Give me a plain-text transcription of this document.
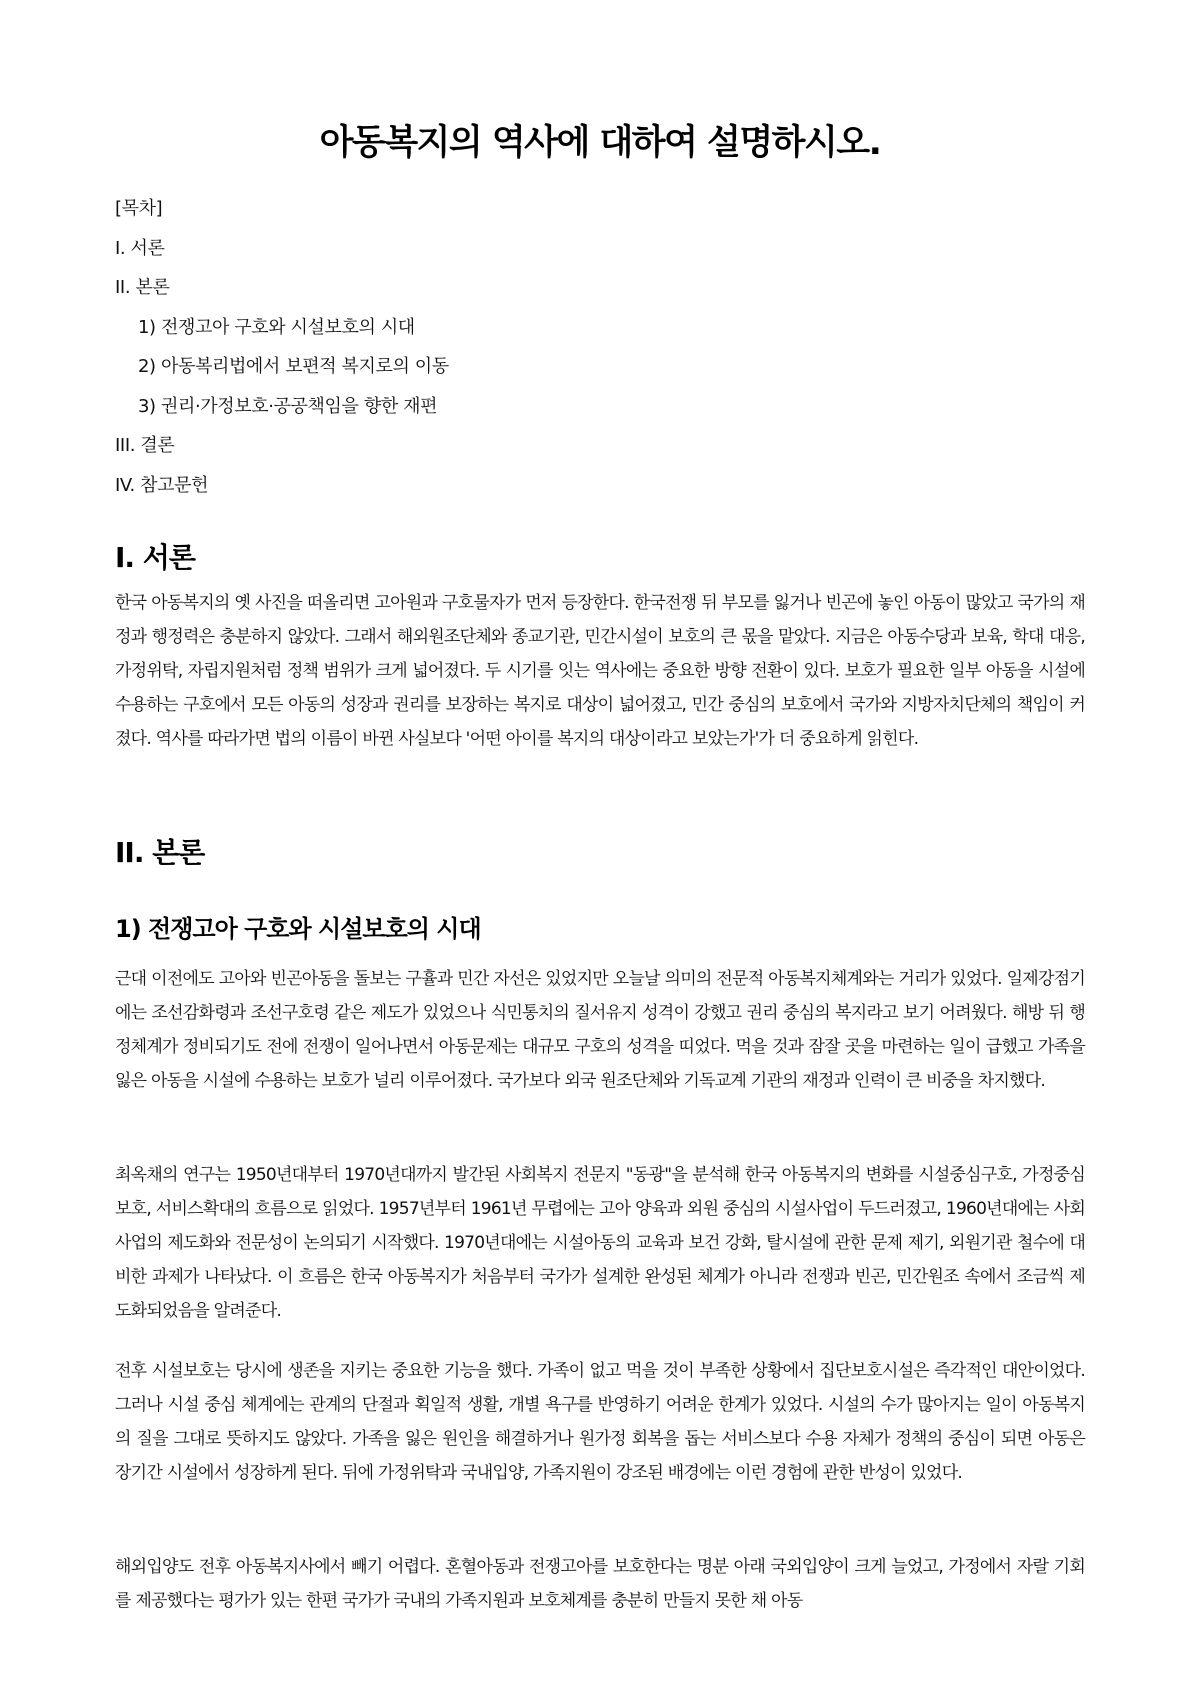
아동복지의 역사에 대하여 설명하시오.
[목차]
I. 서론
II. 본론
1) 전쟁고아 구호와 시설보호의 시대
2) 아동복리법에서 보편적 복지로의 이동
3) 권리·가정보호·공공책임을 향한 재편
III. 결론
IV. 참고문헌
I. 서론

한국 아동복지의 옛 사진을 떠올리면 고아원과 구호물자가 먼저 등장한다. 한국전쟁 뒤 부모를 잃거나 빈곤에 놓인 아동이 많았고 국가의 재정과 행정력은 충분하지 않았다. 그래서 해외원조단체와 종교기관, 민간시설이 보호의 큰 몫을 맡았다. 지금은 아동수당과 보육, 학대 대응, 가정위탁, 자립지원처럼 정책 범위가 크게 넓어졌다. 두 시기를 잇는 역사에는 중요한 방향 전환이 있다. 보호가 필요한 일부 아동을 시설에 수용하는 구호에서 모든 아동의 성장과 권리를 보장하는 복지로 대상이 넓어졌고, 민간 중심의 보호에서 국가와 지방자치단체의 책임이 커졌다. 역사를 따라가면 법의 이름이 바뀐 사실보다 '어떤 아이를 복지의 대상이라고 보았는가'가 더 중요하게 읽힌다.

II. 본론
1) 전쟁고아 구호와 시설보호의 시대

근대 이전에도 고아와 빈곤아동을 돌보는 구휼과 민간 자선은 있었지만 오늘날 의미의 전문적 아동복지체계와는 거리가 있었다. 일제강점기에는 조선감화령과 조선구호령 같은 제도가 있었으나 식민통치의 질서유지 성격이 강했고 권리 중심의 복지라고 보기 어려웠다. 해방 뒤 행정체계가 정비되기도 전에 전쟁이 일어나면서 아동문제는 대규모 구호의 성격을 띠었다. 먹을 것과 잠잘 곳을 마련하는 일이 급했고 가족을 잃은 아동을 시설에 수용하는 보호가 널리 이루어졌다. 국가보다 외국 원조단체와 기독교계 기관의 재정과 인력이 큰 비중을 차지했다.

최옥채의 연구는 1950년대부터 1970년대까지 발간된 사회복지 전문지 "동광"을 분석해 한국 아동복지의 변화를 시설중심구호, 가정중심보호, 서비스확대의 흐름으로 읽었다. 1957년부터 1961년 무렵에는 고아 양육과 외원 중심의 시설사업이 두드러졌고, 1960년대에는 사회사업의 제도화와 전문성이 논의되기 시작했다. 1970년대에는 시설아동의 교육과 보건 강화, 탈시설에 관한 문제 제기, 외원기관 철수에 대비한 과제가 나타났다. 이 흐름은 한국 아동복지가 처음부터 국가가 설계한 완성된 체계가 아니라 전쟁과 빈곤, 민간원조 속에서 조금씩 제도화되었음을 알려준다.

전후 시설보호는 당시에 생존을 지키는 중요한 기능을 했다. 가족이 없고 먹을 것이 부족한 상황에서 집단보호시설은 즉각적인 대안이었다. 그러나 시설 중심 체계에는 관계의 단절과 획일적 생활, 개별 욕구를 반영하기 어려운 한계가 있었다. 시설의 수가 많아지는 일이 아동복지의 질을 그대로 뜻하지도 않았다. 가족을 잃은 원인을 해결하거나 원가정 회복을 돕는 서비스보다 수용 자체가 정책의 중심이 되면 아동은 장기간 시설에서 성장하게 된다. 뒤에 가정위탁과 국내입양, 가족지원이 강조된 배경에는 이런 경험에 관한 반성이 있었다.

해외입양도 전후 아동복지사에서 빼기 어렵다. 혼혈아동과 전쟁고아를 보호한다는 명분 아래 국외입양이 크게 늘었고, 가정에서 자랄 기회를 제공했다는 평가가 있는 한편 국가가 국내의 가족지원과 보호체계를 충분히 만들지 못한 채 아동
